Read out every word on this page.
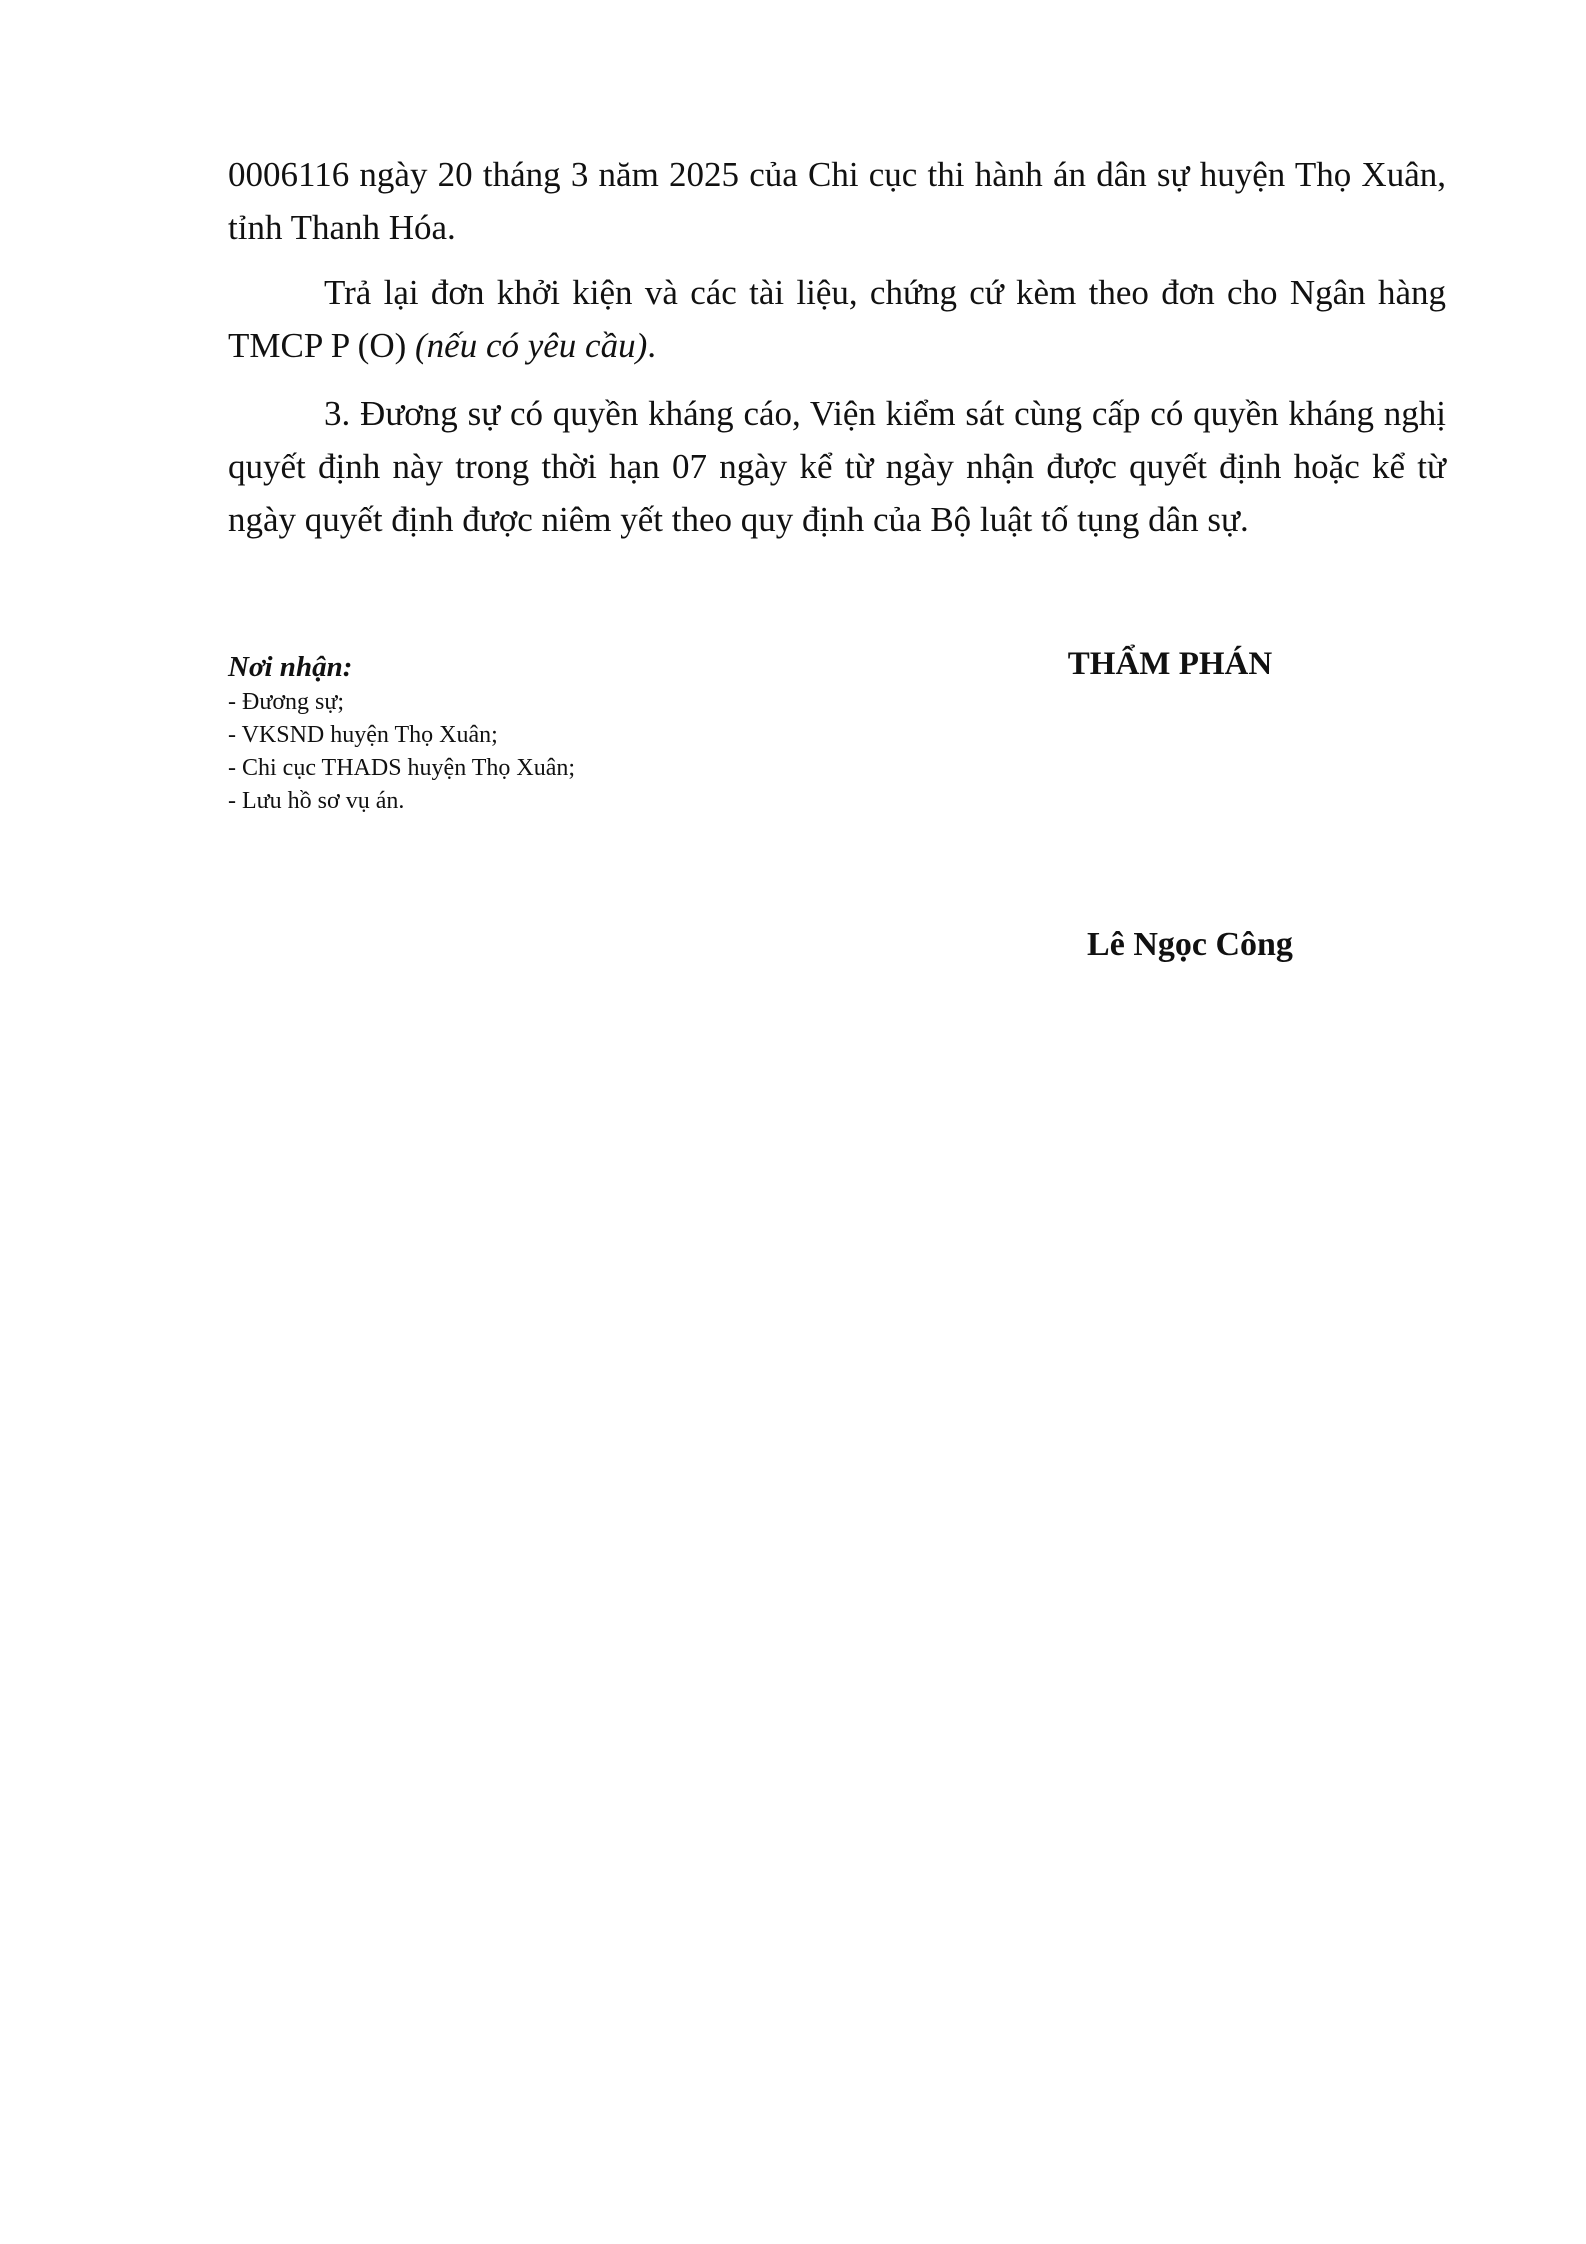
0006116 ngày 20 tháng 3 năm 2025 của Chi cục thi hành án dân sự huyện Thọ Xuân, tỉnh Thanh Hóa.

Trả lại đơn khởi kiện và các tài liệu, chứng cứ kèm theo đơn cho Ngân hàng TMCP P (O) (nếu có yêu cầu).

3. Đương sự có quyền kháng cáo, Viện kiểm sát cùng cấp có quyền kháng nghị quyết định này trong thời hạn 07 ngày kể từ ngày nhận được quyết định hoặc kể từ ngày quyết định được niêm yết theo quy định của Bộ luật tố tụng dân sự.

Nơi nhận:

- Đương sự;
- VKSND huyện Thọ Xuân;
- Chi cục THADS huyện Thọ Xuân;
- Lưu hồ sơ vụ án.

THẨM PHÁN

Lê Ngọc Công
